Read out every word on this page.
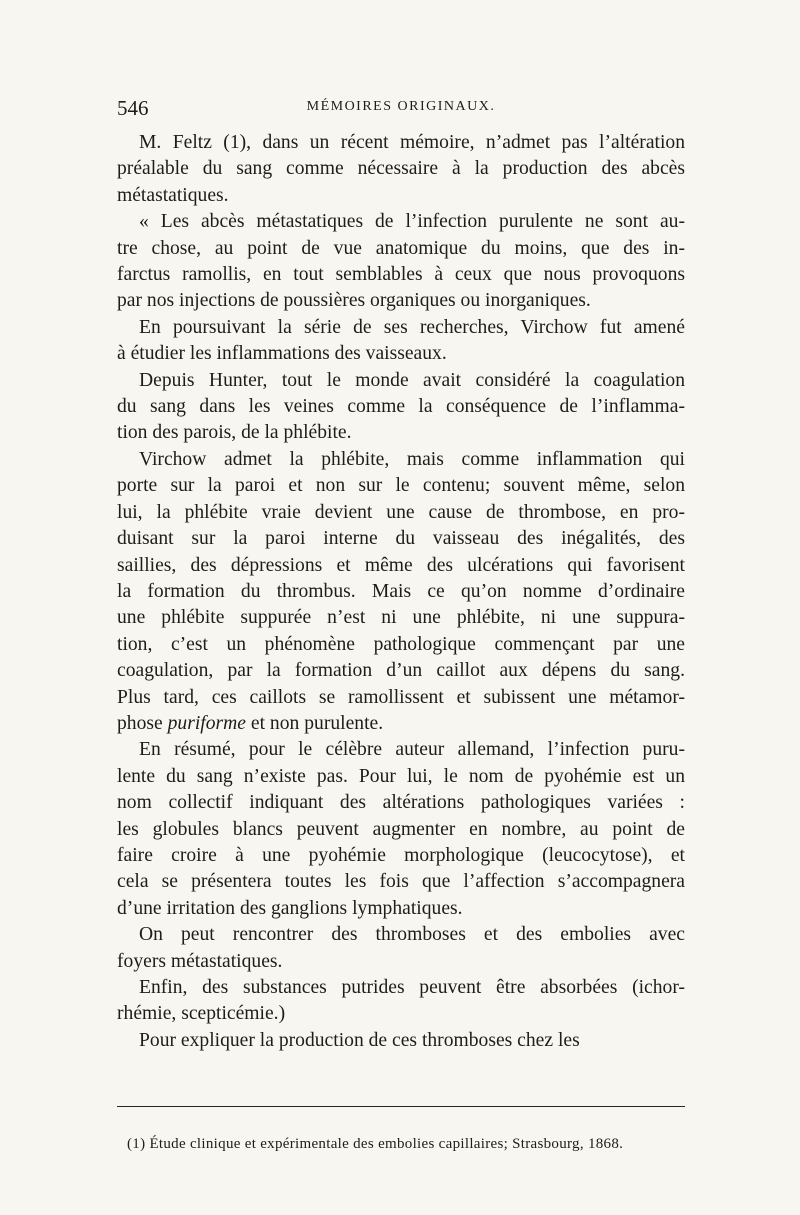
546	MÉMOIRES ORIGINAUX.

M. Feltz (1), dans un récent mémoire, n’admet pas l’altération
préalable du sang comme nécessaire à la production des abcès
métastatiques.

« Les abcès métastatiques de l’infection purulente ne sont au-
tre chose, au point de vue anatomique du moins, que des in-
farctus ramollis, en tout semblables à ceux que nous provoquons
par nos injections de poussières organiques ou inorganiques.

En poursuivant la série de ses recherches, Virchow fut amené
à étudier les inflammations des vaisseaux.

Depuis Hunter, tout le monde avait considéré la coagulation
du sang dans les veines comme la conséquence de l’inflamma-
tion des parois, de la phlébite.

Virchow admet la phlébite, mais comme inflammation qui
porte sur la paroi et non sur le contenu; souvent même, selon
lui, la phlébite vraie devient une cause de thrombose, en pro-
duisant sur la paroi interne du vaisseau des inégalités, des
saillies, des dépressions et même des ulcérations qui favorisent
la formation du thrombus. Mais ce qu’on nomme d’ordinaire
une phlébite suppurée n’est ni une phlébite, ni une suppura-
tion, c’est un phénomène pathologique commençant par une
coagulation, par la formation d’un caillot aux dépens du sang.
Plus tard, ces caillots se ramollissent et subissent une métamor-
phose puriforme et non purulente.

En résumé, pour le célèbre auteur allemand, l’infection puru-
lente du sang n’existe pas. Pour lui, le nom de pyohémie est un
nom collectif indiquant des altérations pathologiques variées :
les globules blancs peuvent augmenter en nombre, au point de
faire croire à une pyohémie morphologique (leucocytose), et
cela se présentera toutes les fois que l’affection s’accompagnera
d’une irritation des ganglions lymphatiques.

On peut rencontrer des thromboses et des embolies avec
foyers métastatiques.

Enfin, des substances putrides peuvent être absorbées (ichor-
rhémie, scepticémie.)

Pour expliquer la production de ces thromboses chez les

(1) Étude clinique et expérimentale des embolies capillaires; Strasbourg, 1868.
